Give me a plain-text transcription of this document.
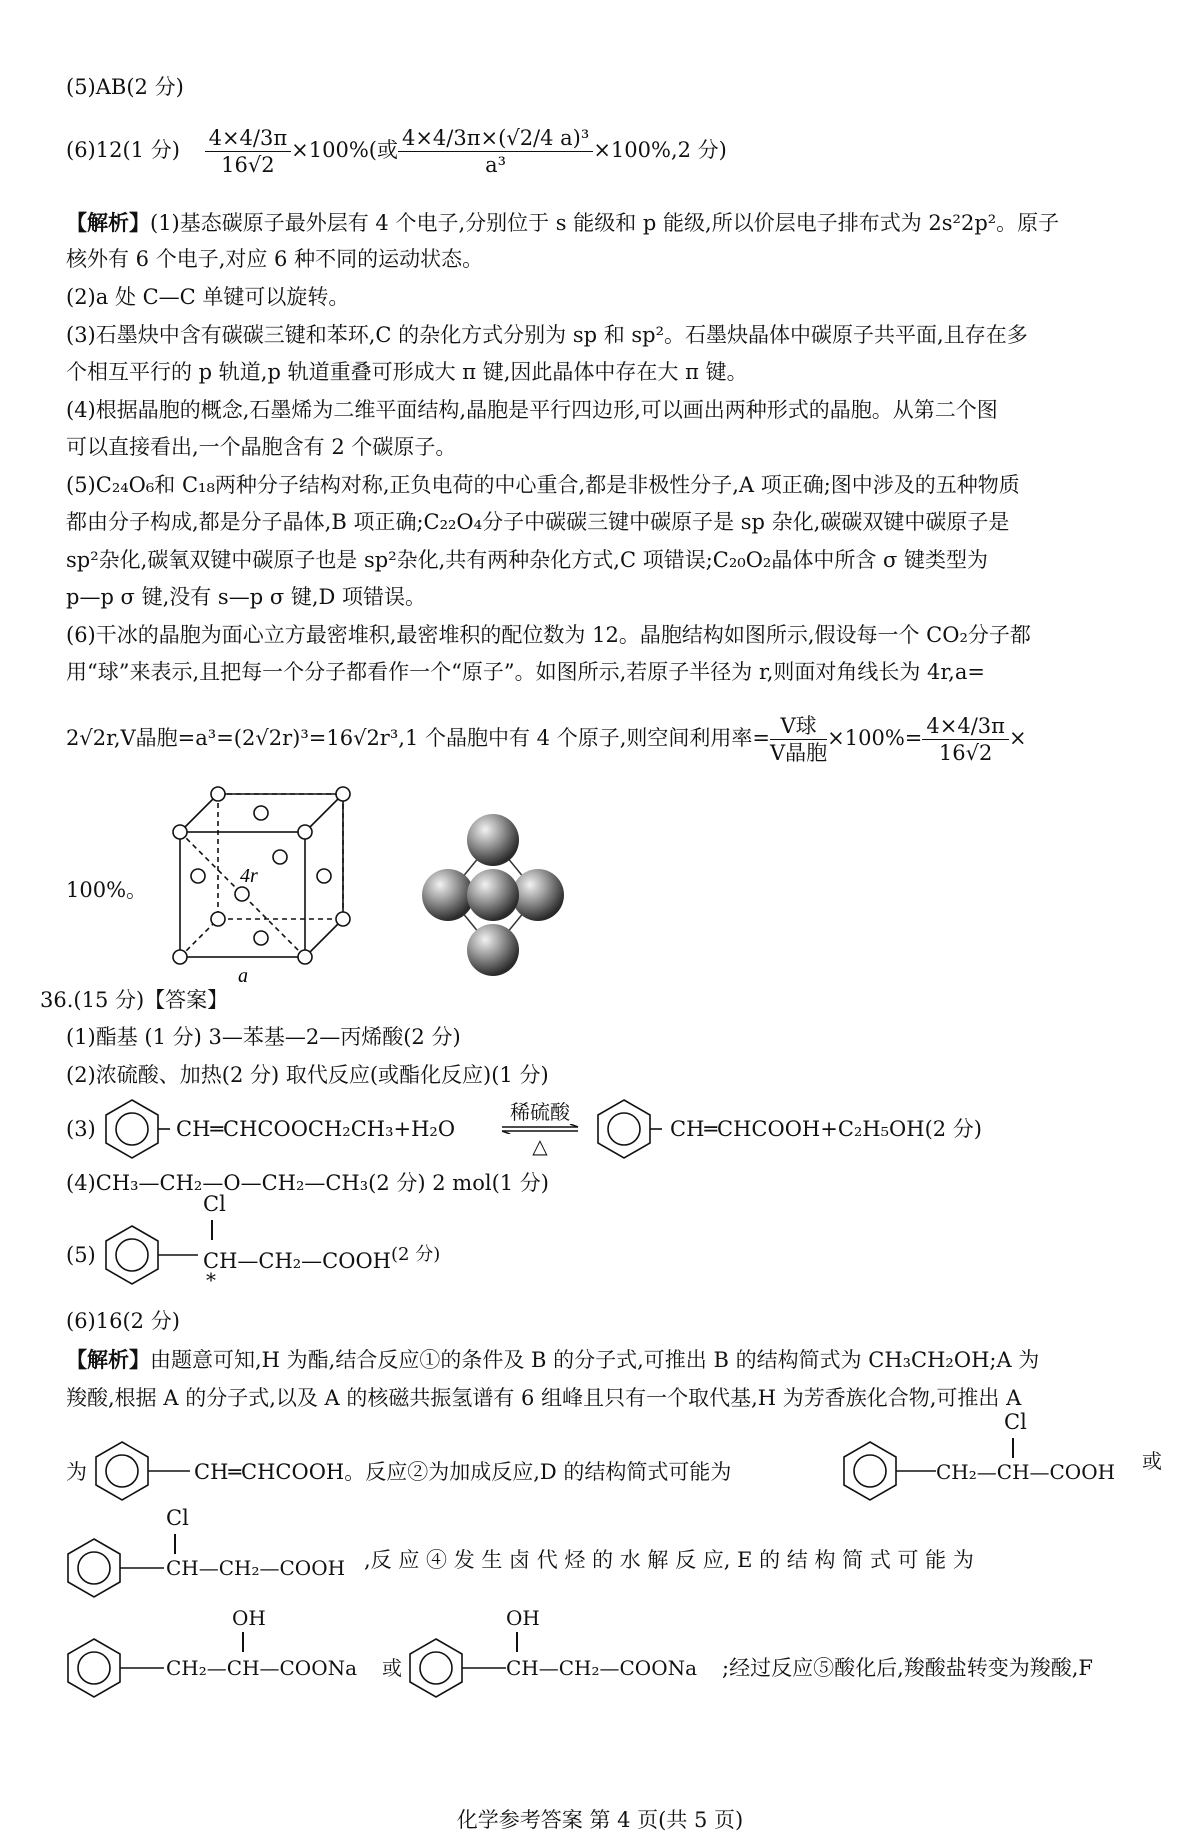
(5)AB(2 分)
(6)12(1 分) $\frac{4\times 4/3\pi}{16√2} \times 100\%$(或 $\frac{\text{4×4/3π×(√2/4 a)³}}{\text{a³}} \times 100\%,2$ 分)
【解析】(1)基态碳原子最外层有 4 个电子,分别位于 s 能级和 p 能级,所以价层电子排布式为 2s²2p²。原子
核外有 6 个电子,对应 6 种不同的运动状态。
(2)a 处 C—C 单键可以旋转。
(3)石墨炔中含有碳碳三键和苯环,C 的杂化方式分别为 sp 和 sp²。石墨炔晶体中碳原子共平面,且存在多
个相互平行的 p 轨道,p 轨道重叠可形成大 π 键,因此晶体中存在大 π 键。
(4)根据晶胞的概念,石墨烯为二维平面结构,晶胞是平行四边形,可以画出两种形式的晶胞。从第二个图
可以直接看出,一个晶胞含有 2 个碳原子。
(5)C₂₄O₆和 C₁₈两种分子结构对称,正负电荷的中心重合,都是非极性分子,A 项正确;图中涉及的五种物质
都由分子构成,都是分子晶体,B 项正确;C₂₂O₄分子中碳碳三键中碳原子是 sp 杂化,碳碳双键中碳原子是
sp²杂化,碳氧双键中碳原子也是 sp²杂化,共有两种杂化方式,C 项错误;C₂₀O₂晶体中所含 σ 键类型为
p—p σ 键,没有 s—p σ 键,D 项错误。
(6)干冰的晶胞为面心立方最密堆积,最密堆积的配位数为 12。晶胞结构如图所示,假设每一个 CO₂分子都
用“球”来表示,且把每一个分子都看作一个“原子”。如图所示,若原子半径为 r,则面对角线长为 4r,a=
2√2r,V晶胞=a³=(2√2r)³=16√2r³,1 个晶胞中有 4 个原子,则空间利用率= $\frac{\text{V球}}{\text{V晶胞}} \times 100\%= \frac{4\times 4/3\pi}{16√2}$ ×
100%。
4r
a
36.(15 分)【答案】
(1)酯基 (1 分) 3—苯基—2—丙烯酸(2 分)
(2)浓硫酸、加热(2 分) 取代反应(或酯化反应)(1 分)
(3)	CH═CHCOOCH₂CH₃+H₂O
稀硫酸
△
CH═CHCOOH+C₂H₅OH(2 分)
(4)CH₃—CH₂—O—CH₂—CH₃(2 分) 2 mol(1 分)
(5)
Cl
CH—CH₂—COOH(2 分)
*
(6)16(2 分)
【解析】由题意可知,H 为酯,结合反应①的条件及 B 的分子式,可推出 B 的结构简式为 CH₃CH₂OH;A 为
羧酸,根据 A 的分子式,以及 A 的核磁共振氢谱有 6 组峰且只有一个取代基,H 为芳香族化合物,可推出 A
为	CH═CHCOOH。反应②为加成反应,D 的结构简式可能为
Cl
CH₂—CH—COOH 或
Cl
CH—CH₂—COOH ,反 应 ④ 发 生 卤 代 烃 的 水 解 反 应, E 的 结 构 简 式 可 能 为
OH
CH₂—CH—COONa 或
OH
CH—CH₂—COONa ;经过反应⑤酸化后,羧酸盐转变为羧酸,F
化学参考答案 第 4 页(共 5 页)
